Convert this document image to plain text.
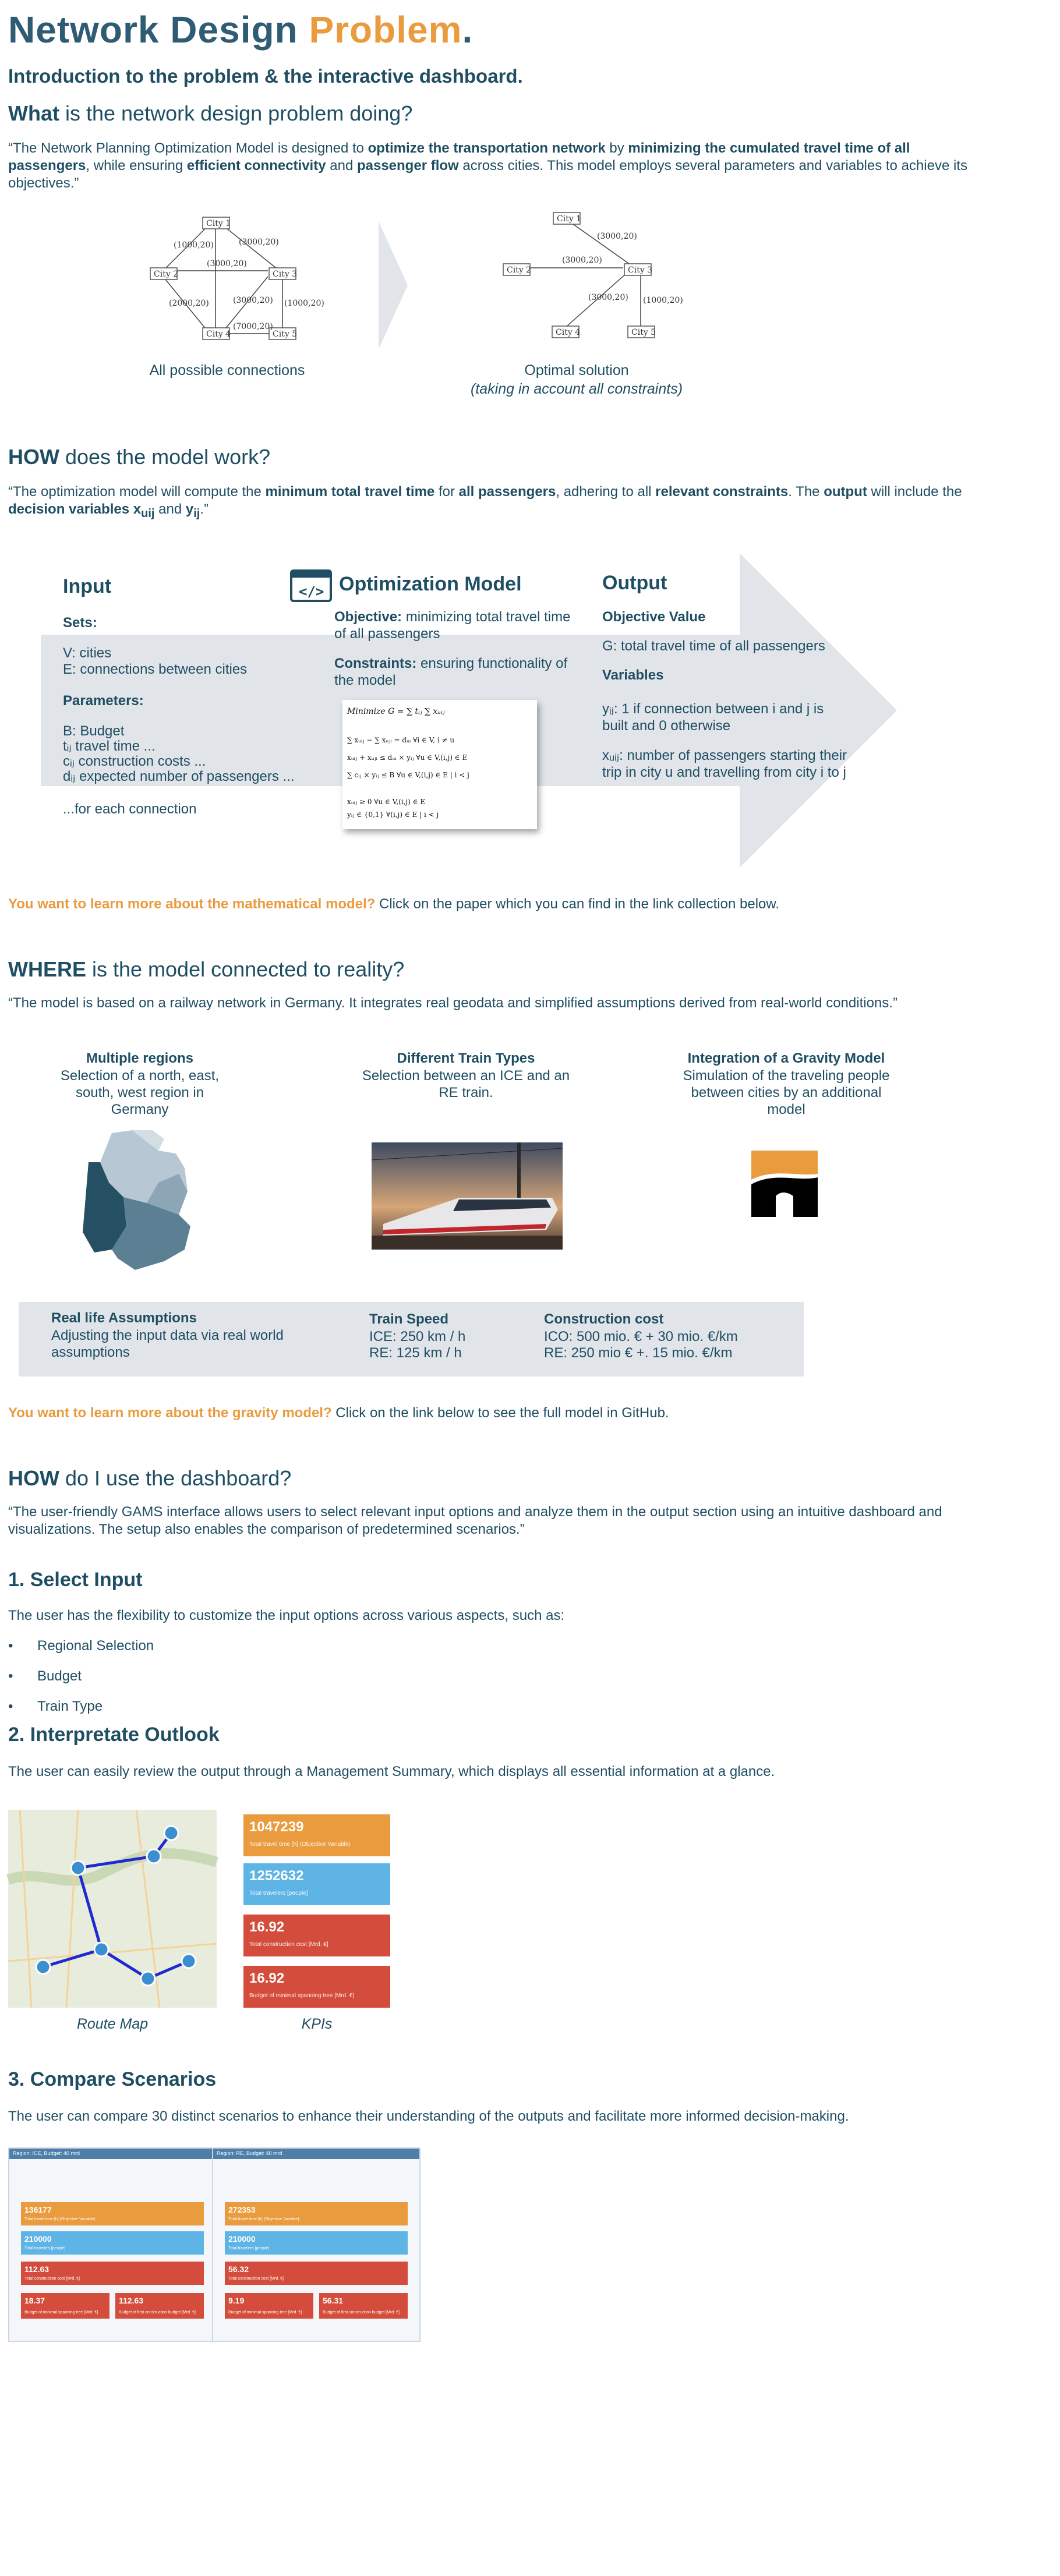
Network Design Problem.
Introduction to the problem & the interactive dashboard.
What is the network design problem doing?
“The Network Planning Optimization Model is designed to optimize the transportation network by minimizing the cumulated travel time of all passengers, while ensuring efficient connectivity and passenger flow across cities. This model employs several parameters and variables to achieve its objectives.”
City 1
City 2	City 3
City 4	City 5
(1000,20)	(3000,20)
(3000,20)
(3000,20)
(2000,20)	(1000,20)
(7000,20)
City 1
City 2	City 3
City 4	City 5
(3000,20)
(3000,20)
(3000,20) (1000,20)
All possible connections	Optimal solution
(taking in account all constraints)
HOW does the model work?
“The optimization model will compute the minimum total travel time for all passengers, adhering to all relevant constraints. The output will include the decision variables $x_{uij}$ and $y_{ij}$.”
Input
Sets:
V: cities
E: connections between cities
Parameters:
B: Budget
tᵢⱼ travel time ...
cᵢⱼ construction costs ...
dᵢⱼ expected number of passengers ...
...for each connection
</> Optimization Model
Objective: minimizing total travel time of all passengers
Constraints: ensuring functionality of the model
Minimize G = ∑ tᵢⱼ ∑ xᵤᵢⱼ
∑ xᵤᵢⱼ − ∑ xᵤⱼᵢ = dᵤᵢ ∀i ∈ V, i ≠ u
xᵤᵢⱼ + xᵤⱼᵢ ≤ dᵤᵢ × yᵢⱼ ∀u ∈ V,(i,j) ∈ E
∑ cᵢⱼ × yᵢⱼ ≤ B ∀u ∈ V,(i,j) ∈ E | i < j
xᵤᵢⱼ ≥ 0 ∀u ∈ V,(i,j) ∈ E
yᵢⱼ ∈ {0,1} ∀(i,j) ∈ E | i < j
Output
Objective Value
G: total travel time of all passengers
Variables
yᵢⱼ: 1 if connection between i and j is built and 0 otherwise
xᵤᵢⱼ: number of passengers starting their trip in city u and travelling from city i to j
You want to learn more about the mathematical model? Click on the paper which you can find in the link collection below.
WHERE is the model connected to reality?
“The model is based on a railway network in Germany. It integrates real geodata and simplified assumptions derived from real-world conditions.”
Multiple regions
Selection of a north, east, south, west region in Germany
Different Train Types
Selection between an ICE and an RE train.
Integration of a Gravity Model
Simulation of the traveling people between cities by an additional model
Real life Assumptions
Adjusting the input data via real world assumptions
Train Speed
ICE: 250 km / h
RE: 125 km / h
Construction cost
ICO: 500 mio. € + 30 mio. €/km
RE: 250 mio € +. 15 mio. €/km
You want to learn more about the gravity model? Click on the link below to see the full model in GitHub.
HOW do I use the dashboard?
“The user-friendly GAMS interface allows users to select relevant input options and analyze them in the output section using an intuitive dashboard and visualizations. The setup also enables the comparison of predetermined scenarios.”
1. Select Input
The user has the flexibility to customize the input options across various aspects, such as:
• Regional Selection
• Budget
• Train Type
2. Interpretate Outlook
The user can easily review the output through a Management Summary, which displays all essential information at a glance.
Route Map
1047239
Total travel time [h] (Objective Variable)
1252632
Total travelers [people]
16.92
Total construction cost [Mrd. €]
16.92
Budget of minimal spanning tree [Mrd. €]
KPIs
3. Compare Scenarios
The user can compare 30 distinct scenarios to enhance their understanding of the outputs and facilitate more informed decision-making.
Region: ICE, Budget: 40 mrd
136177
Total travel time [h] (Objective Variable)
210000
Total travelers [people]
112.63
Total construction cost [Mrd. €]
18.37
Budget of minimal spanning tree [Mrd. €]
112.63
Budget of first construction budget [Mrd. €]
Region: RE, Budget: 40 mrd
272353
Total travel time [h] (Objective Variable)
210000
Total travelers [people]
56.32
Total construction cost [Mrd. €]
9.19
Budget of minimal spanning tree [Mrd. €]
56.31
Budget of first construction budget [Mrd. €]
